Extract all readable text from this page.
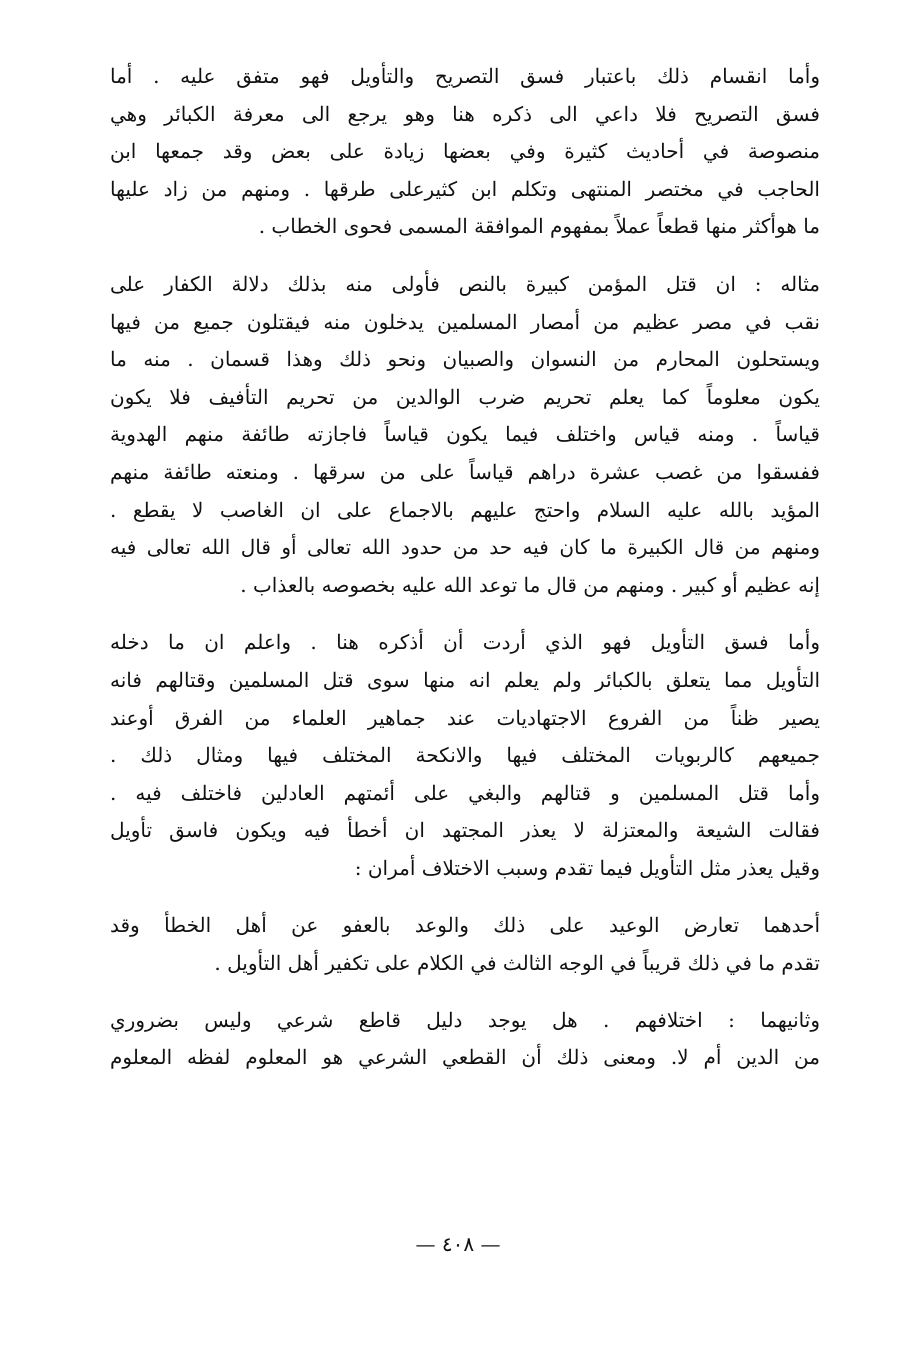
وأما انقسام ذلك باعتبار فسق التصريح والتأويل فهو متفق عليه . أما
فسق التصريح فلا داعي الى ذكره هنا وهو يرجع الى معرفة الكبائر وهي
منصوصة في أحاديث كثيرة وفي بعضها زيادة على بعض وقد جمعها ابن
الحاجب في مختصر المنتهى وتكلم ابن كثيرعلى طرقها . ومنهم من زاد عليها
ما هوأكثر منها قطعاً عملاً بمفهوم الموافقة المسمى فحوى الخطاب .
مثاله : ان قتل المؤمن كبيرة بالنص فأولى منه بذلك دلالة الكفار على
نقب في مصر عظيم من أمصار المسلمين يدخلون منه فيقتلون جميع من فيها
ويستحلون المحارم من النسوان والصبيان ونحو ذلك وهذا قسمان . منه ما
يكون معلوماً كما يعلم تحريم ضرب الوالدين من تحريم التأفيف فلا يكون
قياساً . ومنه قياس واختلف فيما يكون قياساً فاجازته طائفة منهم الهدوية
ففسقوا من غصب عشرة دراهم قياساً على من سرقها . ومنعته طائفة منهم
المؤيد بالله عليه السلام واحتج عليهم بالاجماع على ان الغاصب لا يقطع .
ومنهم من قال الكبيرة ما كان فيه حد من حدود الله تعالى أو قال الله تعالى فيه
إنه عظيم أو كبير . ومنهم من قال ما توعد الله عليه بخصوصه بالعذاب .
وأما فسق التأويل فهو الذي أردت أن أذكره هنا . واعلم ان ما دخله
التأويل مما يتعلق بالكبائر ولم يعلم انه منها سوى قتل المسلمين وقتالهم فانه
يصير ظناً من الفروع الاجتهاديات عند جماهير العلماء من الفرق أوعند
جميعهم كالربويات المختلف فيها والانكحة المختلف فيها ومثال ذلك .
وأما قتل المسلمين و قتالهم والبغي على أئمتهم العادلين فاختلف فيه .
فقالت الشيعة والمعتزلة لا يعذر المجتهد ان أخطأ فيه ويكون فاسق تأويل
وقيل يعذر مثل التأويل فيما تقدم وسبب الاختلاف أمران :
أحدهما تعارض الوعيد على ذلك والوعد بالعفو عن أهل الخطأ وقد
تقدم ما في ذلك قريباً في الوجه الثالث في الكلام على تكفير أهل التأويل .
وثانيهما : اختلافهم . هل يوجد دليل قاطع شرعي وليس بضروري
من الدين أم لا. ومعنى ذلك أن القطعي الشرعي هو المعلوم لفظه المعلوم
— ٤٠٨ —
